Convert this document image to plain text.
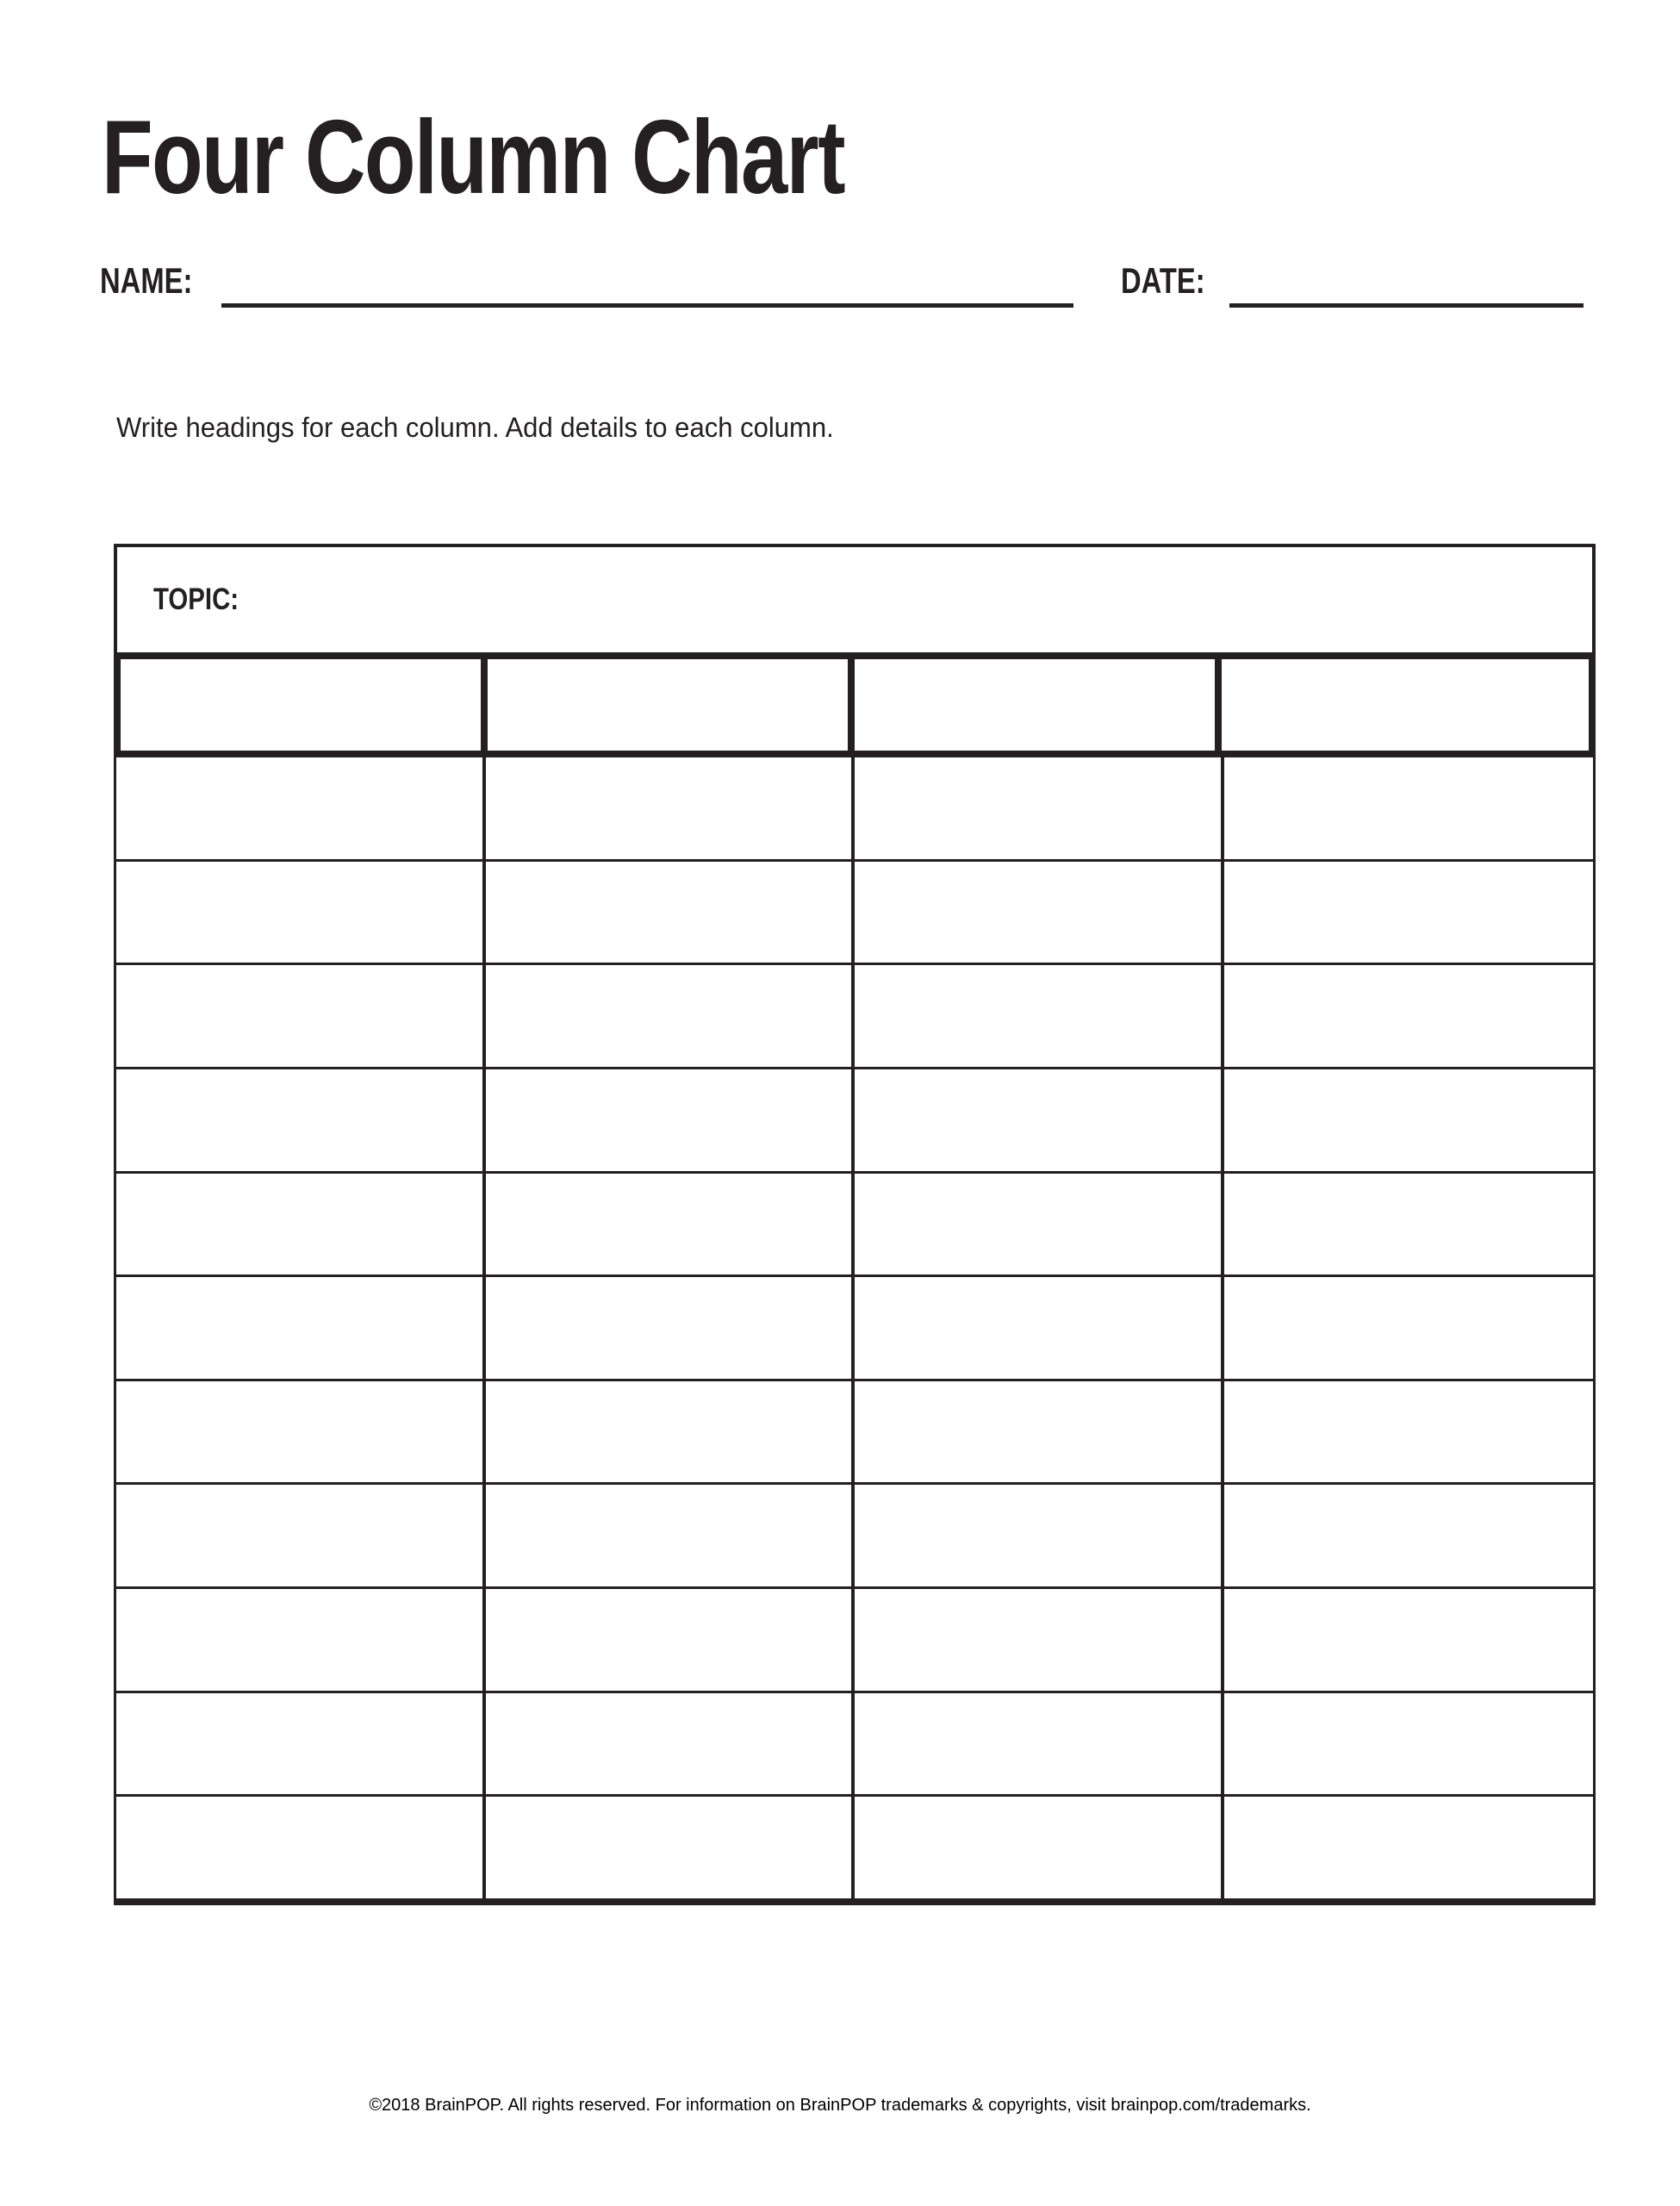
Four Column Chart
NAME:	DATE:

Write headings for each column. Add details to each column.

TOPIC:
©2018 BrainPOP. All rights reserved. For information on BrainPOP trademarks & copyrights, visit brainpop.com/trademarks.
